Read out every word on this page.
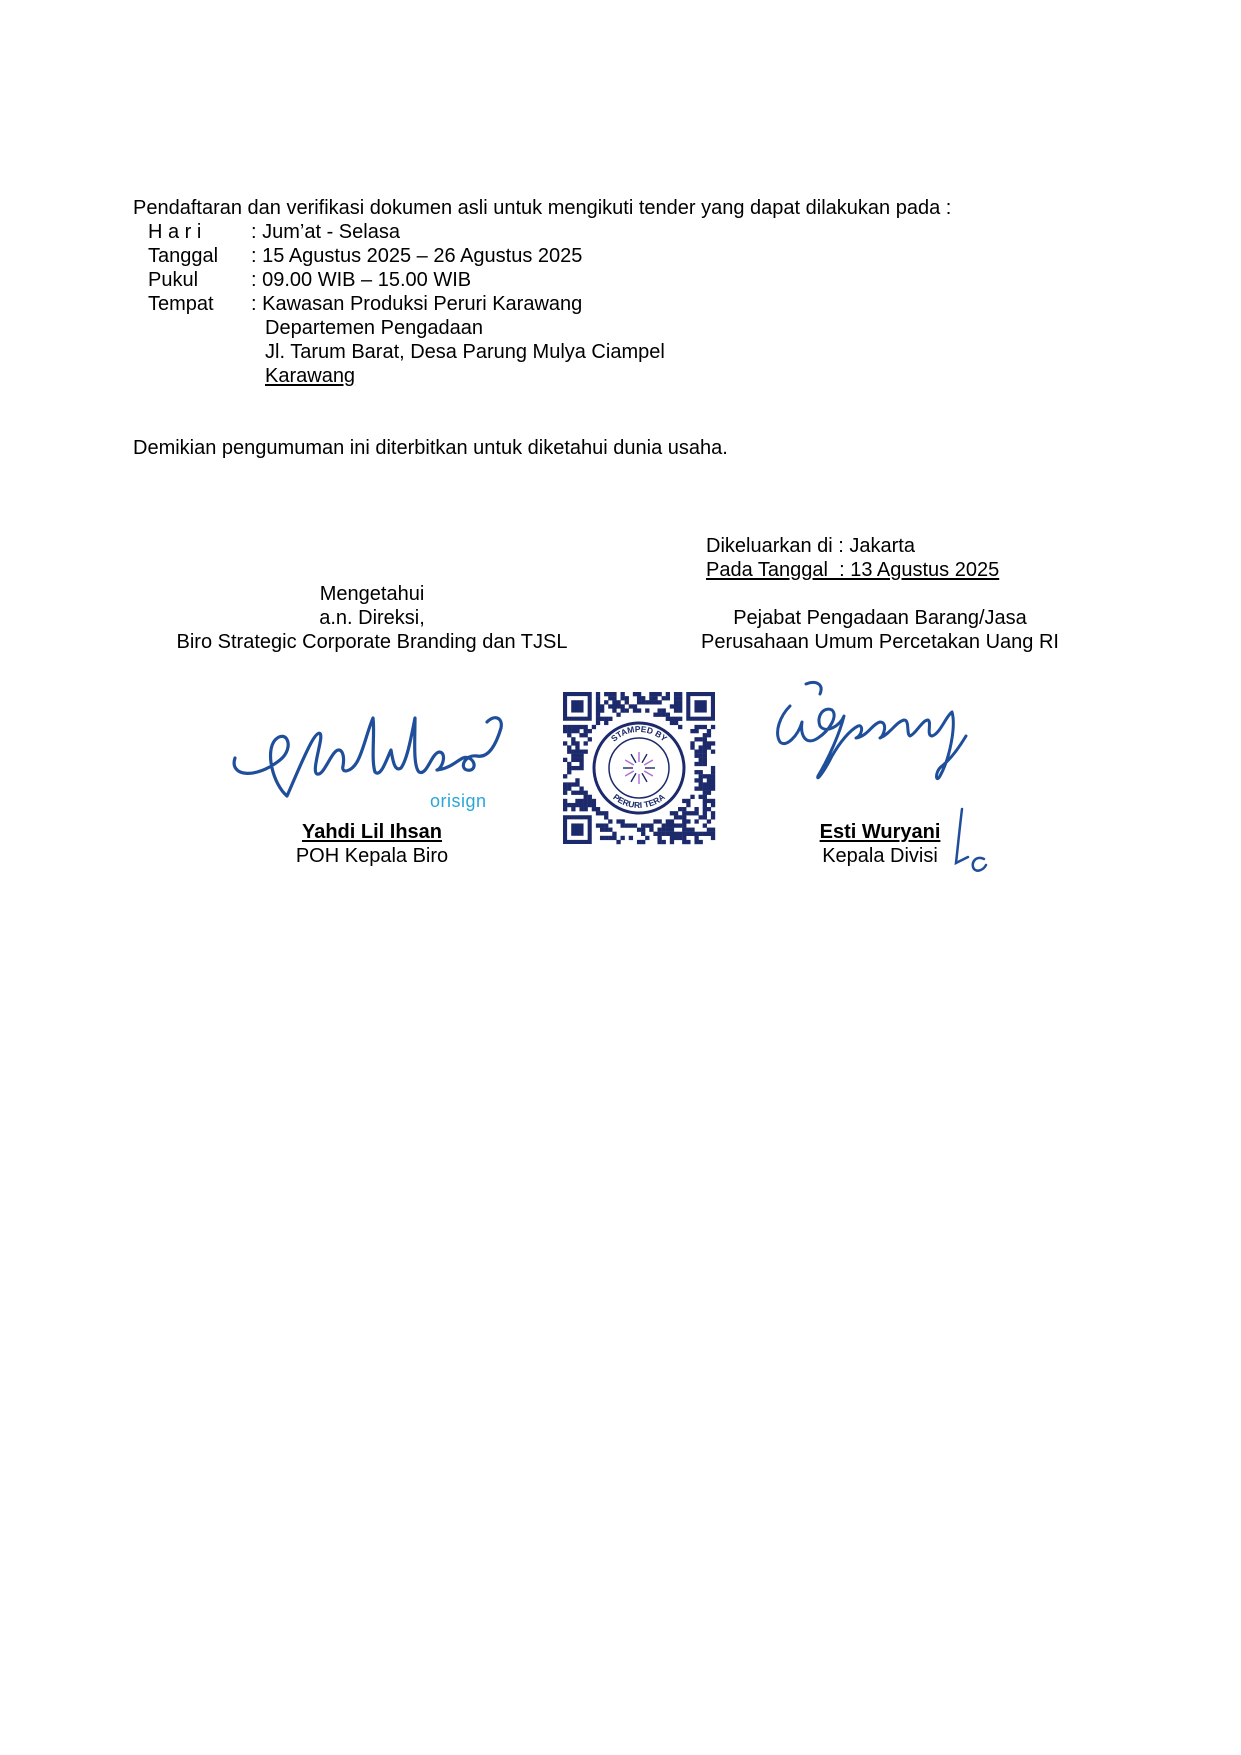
Pendaftaran dan verifikasi dokumen asli untuk mengikuti tender yang dapat dilakukan pada :
H a r i : Jum’at - Selasa
Tanggal : 15 Agustus 2025 – 26 Agustus 2025
Pukul	: 09.00 WIB – 15.00 WIB
Tempat : Kawasan Produksi Peruri Karawang
Departemen Pengadaan
Jl. Tarum Barat, Desa Parung Mulya Ciampel
Karawang
Demikian pengumuman ini diterbitkan untuk diketahui dunia usaha.
Dikeluarkan di : Jakarta
Pada Tanggal  : 13 Agustus 2025
Mengetahui
a.n. Direksi,
Biro Strategic Corporate Branding dan TJSL
Pejabat Pengadaan Barang/Jasa
Perusahaan Umum Percetakan Uang RI
orisign
STAMPED BY
PERURI TERA
Yahdi Lil Ihsan
POH Kepala Biro
Esti Wuryani
Kepala Divisi
